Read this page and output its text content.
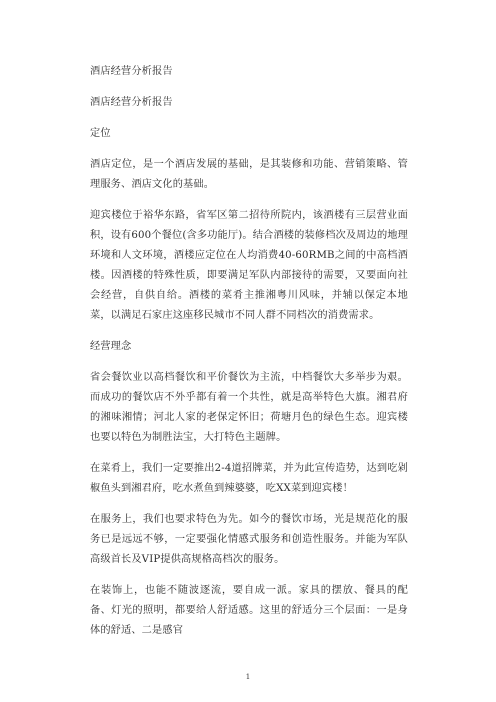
酒店经营分析报告

酒店经营分析报告

定位

酒店定位，是一个酒店发展的基础，是其装修和功能、营销策略、管理服务、酒店文化的基础。

迎宾楼位于裕华东路，省军区第二招待所院内，该酒楼有三层营业面积，设有600个餐位(含多功能厅)。结合酒楼的装修档次及周边的地理环境和人文环境，酒楼应定位在人均消费40-60RMB之间的中高档酒楼。因酒楼的特殊性质，即要满足军队内部接待的需要，又要面向社会经营，自供自给。酒楼的菜肴主推湘粤川风味，并辅以保定本地菜，以满足石家庄这座移民城市不同人群不同档次的消费需求。

经营理念

省会餐饮业以高档餐饮和平价餐饮为主流，中档餐饮大多举步为艰。而成功的餐饮店不外乎都有着一个共性，就是高举特色大旗。湘君府的湘味湘情；河北人家的老保定怀旧；荷塘月色的绿色生态。迎宾楼也要以特色为制胜法宝，大打特色主题牌。

在菜肴上，我们一定要推出2-4道招牌菜，并为此宣传造势，达到吃剁椒鱼头到湘君府，吃水煮鱼到辣婆婆，吃XX菜到迎宾楼！

在服务上，我们也要求特色为先。如今的餐饮市场，光是规范化的服务已是远远不够，一定要强化情感式服务和创造性服务。并能为军队高级首长及VIP提供高规格高档次的服务。

在装饰上，也能不随波逐流，要自成一派。家具的摆放、餐具的配备、灯光的照明，都要给人舒适感。这里的舒适分三个层面：一是身体的舒适、二是感官

1
